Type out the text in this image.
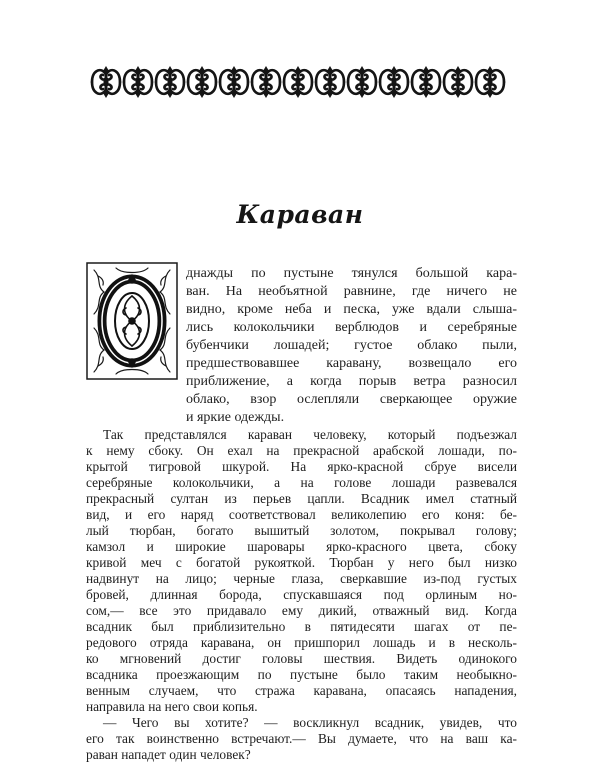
Караван
днажды по пустыне тянулся большой кара-
ван. На необъятной равнине, где ничего не
видно, кроме неба и песка, уже вдали слыша-
лись колокольчики верблюдов и серебряные
бубенчики лошадей; густое облако пыли,
предшествовавшее каравану, возвещало его
приближение, а когда порыв ветра разносил
облако, взор ослепляли сверкающее оружие
и яркие одежды.
Так представлялся караван человеку, который подъезжал
к нему сбоку. Он ехал на прекрасной арабской лошади, по-
крытой тигровой шкурой. На ярко-красной сбруе висели
серебряные колокольчики, а на голове лошади развевался
прекрасный султан из перьев цапли. Всадник имел статный
вид, и его наряд соответствовал великолепию его коня: бе-
лый тюрбан, богато вышитый золотом, покрывал голову;
камзол и широкие шаровары ярко-красного цвета, сбоку
кривой меч с богатой рукояткой. Тюрбан у него был низко
надвинут на лицо; черные глаза, сверкавшие из-под густых
бровей, длинная борода, спускавшаяся под орлиным но-
сом,— все это придавало ему дикий, отважный вид. Когда
всадник был приблизительно в пятидесяти шагах от пе-
редового отряда каравана, он пришпорил лошадь и в несколь-
ко мгновений достиг головы шествия. Видеть одинокого
всадника проезжающим по пустыне было таким необыкно-
венным случаем, что стража каравана, опасаясь нападения,
направила на него свои копья.
— Чего вы хотите? — воскликнул всадник, увидев, что
его так воинственно встречают.— Вы думаете, что на ваш ка-
раван нападет один человек?
